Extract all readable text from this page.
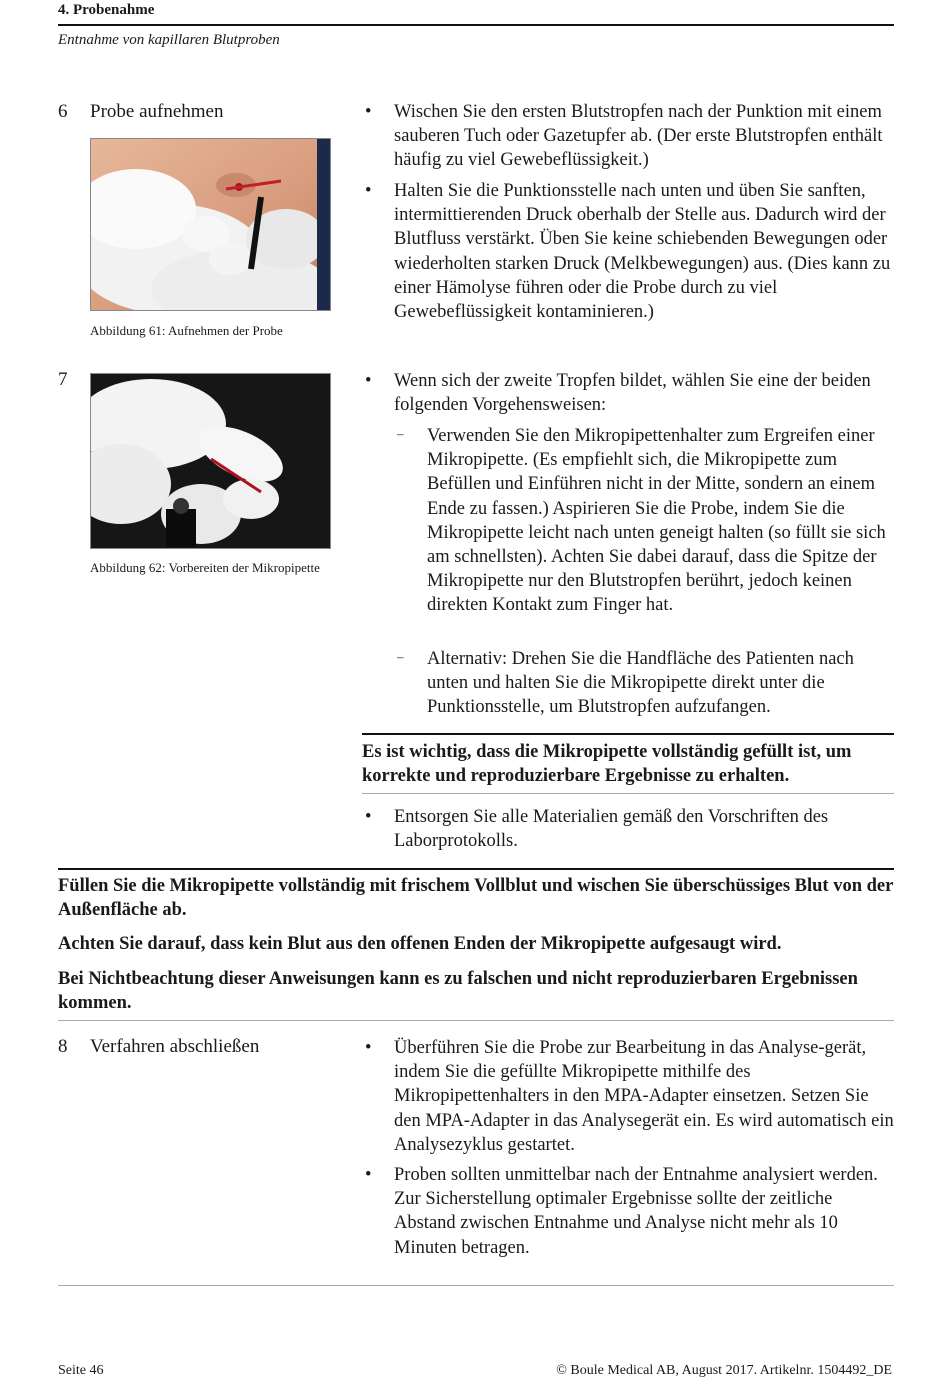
4. Probenahme
Entnahme von kapillaren Blutproben
6 Probe aufnehmen
Abbildung 61: Aufnehmen der Probe
• Wischen Sie den ersten Blutstropfen nach der Punktion mit einem sauberen Tuch oder Gazetupfer ab. (Der erste Blutstropfen enthält häufig zu viel Gewebeflüssigkeit.)
• Halten Sie die Punktionsstelle nach unten und üben Sie sanften, intermittierenden Druck oberhalb der Stelle aus. Dadurch wird der Blutfluss verstärkt. Üben Sie keine schiebenden Bewegungen oder wiederholten starken Druck (Melkbewegungen) aus. (Dies kann zu einer Hämolyse führen oder die Probe durch zu viel Gewebeflüssigkeit kontaminieren.)
7
Abbildung 62: Vorbereiten der Mikropipette
• Wenn sich der zweite Tropfen bildet, wählen Sie eine der beiden folgenden Vorgehensweisen:
– Verwenden Sie den Mikropipettenhalter zum Ergreifen einer Mikropipette. (Es empfiehlt sich, die Mikropipette zum Befüllen und Einführen nicht in der Mitte, sondern an einem Ende zu fassen.) Aspirieren Sie die Probe, indem Sie die Mikropipette leicht nach unten geneigt halten (so füllt sie sich am schnellsten). Achten Sie dabei darauf, dass die Spitze der Mikropipette nur den Blutstropfen berührt, jedoch keinen direkten Kontakt zum Finger hat.
– Alternativ: Drehen Sie die Handfläche des Patienten nach unten und halten Sie die Mikropipette direkt unter die Punktionsstelle, um Blutstropfen aufzufangen.
Es ist wichtig, dass die Mikropipette vollständig gefüllt ist, um korrekte und reproduzierbare Ergebnisse zu erhalten.
• Entsorgen Sie alle Materialien gemäß den Vorschriften des Laborprotokolls.
Füllen Sie die Mikropipette vollständig mit frischem Vollblut und wischen Sie überschüssiges Blut von der Außenfläche ab.
Achten Sie darauf, dass kein Blut aus den offenen Enden der Mikropipette aufgesaugt wird.
Bei Nichtbeachtung dieser Anweisungen kann es zu falschen und nicht reproduzierbaren Ergebnissen kommen.
8 Verfahren abschließen	• Überführen Sie die Probe zur Bearbeitung in das Analyse-gerät, indem Sie die gefüllte Mikropipette mithilfe des Mikropipettenhalters in den MPA-Adapter einsetzen. Setzen Sie den MPA-Adapter in das Analysegerät ein. Es wird automatisch ein Analysezyklus gestartet.
• Proben sollten unmittelbar nach der Entnahme analysiert werden. Zur Sicherstellung optimaler Ergebnisse sollte der zeitliche Abstand zwischen Entnahme und Analyse nicht mehr als 10 Minuten betragen.
Seite 46	© Boule Medical AB, August 2017. Artikelnr. 1504492_DE
